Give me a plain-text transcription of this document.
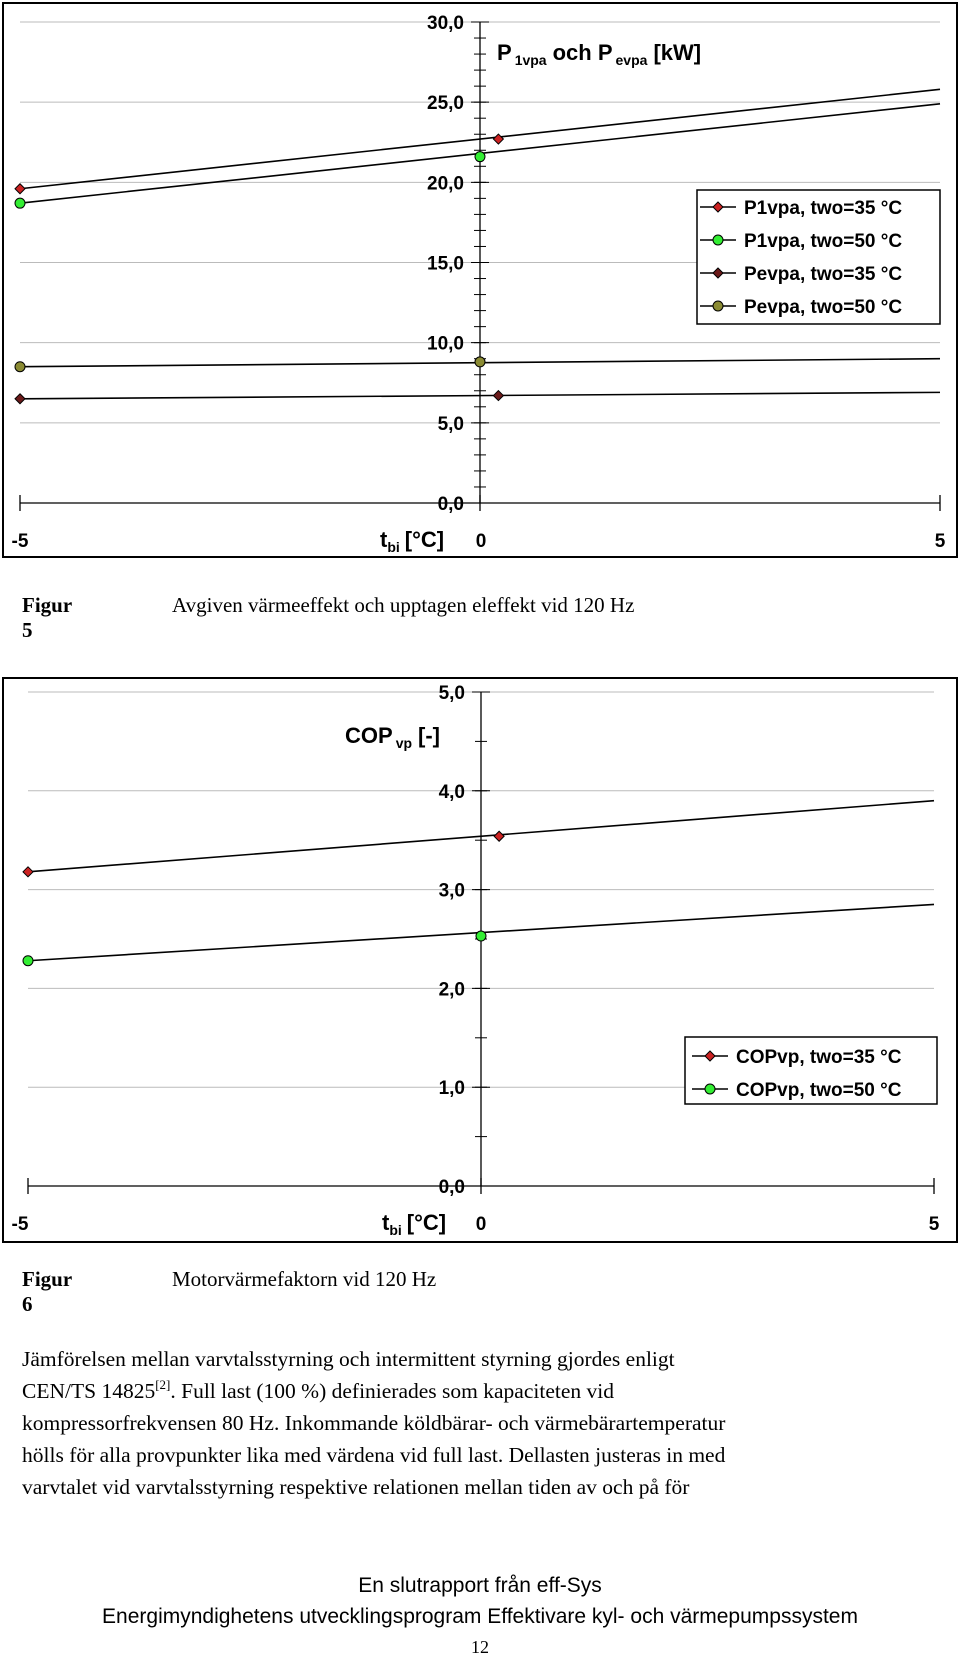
0,0
5,0
10,0
15,0
20,0
25,0
30,0
-5	0	5
$t_{bi}$ [°C]
P $_{1vpa}$ och P $_{evpa}$ [kW]
P1vpa, two=35 °C
P1vpa, two=50 °C
Pevpa, two=35 °C
Pevpa, two=50 °C
Figur 5
Avgiven värmeeffekt och upptagen eleffekt vid 120 Hz
0,0
1,0
2,0
3,0
4,0
5,0
-5	0	5
$t_{bi}$ [°C]
COP $_{vp}$ [-]
COPvp, two=35 °C
COPvp, two=50 °C
Figur 6
Motorvärmefaktorn vid 120 Hz

Jämförelsen mellan varvtalsstyrning och intermittent styrning gjordes enligt

CEN/TS 14825[2]. Full last (100 %) definierades som kapaciteten vid

kompressorfrekvensen 80 Hz. Inkommande köldbärar- och värmebärartemperatur

hölls för alla provpunkter lika med värdena vid full last. Dellasten justeras in med

varvtalet vid varvtalsstyrning respektive relationen mellan tiden av och på för

En slutrapport från eff-Sys
Energimyndighetens utvecklingsprogram Effektivare kyl- och värmepumpssystem
12
